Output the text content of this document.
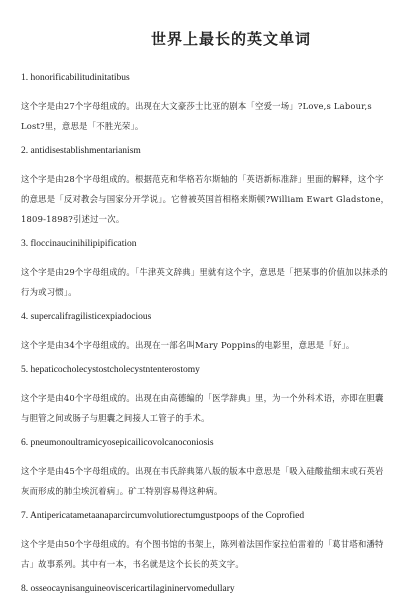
世界上最长的英文单词

1. honorificabilitudinitatibus

这个字是由27个字母组成的。出现在大文豪莎士比亚的剧本「空爱一场」?Love,s Labour,s Lost?里，意思是「不胜光荣」。

2. antidisestablishmentarianism

这个字是由28个字母组成的。根据范克和华格若尔斯轴的「英语新标准辞」里面的解释，这个字的意思是「反对教会与国家分开学说」。它曾被英国首相格来斯顿?William Ewart Gladstone，1809-1898?引述过一次。

3. floccinaucinihilipipification

这个字是由29个字母组成的。「牛津英文辞典」里就有这个字，意思是「把某事的价值加以抹杀的行为或习惯」。

4. supercalifragilisticexpiadocious

这个字是由34个字母组成的。出现在一部名叫Mary Poppins的电影里，意思是「好」。

5. hepaticocholecystostcholecystntenterostomy

这个字是由40个字母组成的。出现在由高德编的「医学辞典」里，为一个外科术语，亦即在胆囊与胆管之间或肠子与胆囊之间接人工管子的手术。

6. pneumonoultramicyosepicailicovolcanoconiosis

这个字是由45个字母组成的。出现在韦氏辞典第八版的版本中意思是「吸入硅酸盐细末或石英岩灰而形成的肺尘埃沉着病」。矿工特别容易得这种病。

7. Antipericatametaanaparcircumvolutiorectumgustpoops of the Coprofied

这个字是由50个字母组成的。有个图书馆的书架上，陈列着法国作家拉伯雷着的「葛甘塔和潘特古」故事系列。其中有一本，书名就是这个长长的英文字。

8. osseocaynisanguineoviscericartilagininervomedullary
